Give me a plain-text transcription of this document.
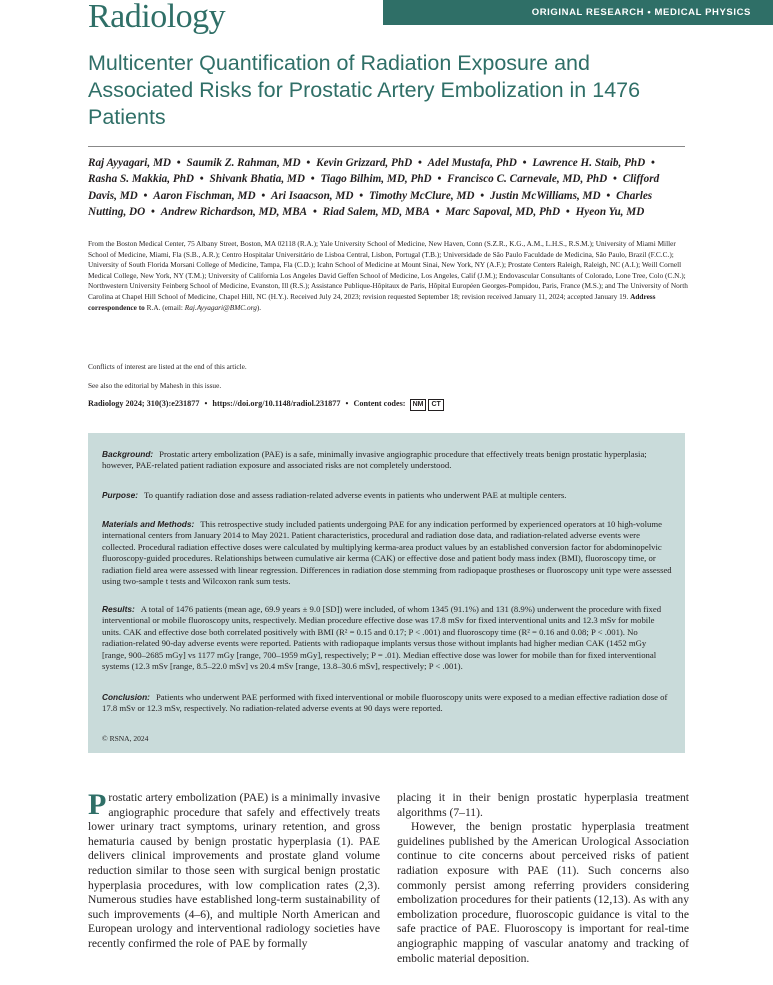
Radiology	ORIGINAL RESEARCH • MEDICAL PHYSICS
Multicenter Quantification of Radiation Exposure and Associated Risks for Prostatic Artery Embolization in 1476 Patients
Raj Ayyagari, MD • Saumik Z. Rahman, MD • Kevin Grizzard, PhD • Adel Mustafa, PhD • Lawrence H. Staib, PhD • Rasha S. Makkia, PhD • Shivank Bhatia, MD • Tiago Bilhim, MD, PhD • Francisco C. Carnevale, MD, PhD • Clifford Davis, MD • Aaron Fischman, MD • Ari Isaacson, MD • Timothy McClure, MD • Justin McWilliams, MD • Charles Nutting, DO • Andrew Richardson, MD, MBA • Riad Salem, MD, MBA • Marc Sapoval, MD, PhD • Hyeon Yu, MD
From the Boston Medical Center, 75 Albany Street, Boston, MA 02118 (R.A.); Yale University School of Medicine, New Haven, Conn (S.Z.R., K.G., A.M., L.H.S., R.S.M.); University of Miami Miller School of Medicine, Miami, Fla (S.B., A.R.); Centro Hospitalar Universitário de Lisboa Central, Lisbon, Portugal (T.B.); Universidade de São Paulo Faculdade de Medicina, São Paulo, Brazil (F.C.C.); University of South Florida Morsani College of Medicine, Tampa, Fla (C.D.); Icahn School of Medicine at Mount Sinai, New York, NY (A.F.); Prostate Centers Raleigh, Raleigh, NC (A.I.); Weill Cornell Medical College, New York, NY (T.M.); University of California Los Angeles David Geffen School of Medicine, Los Angeles, Calif (J.M.); Endovascular Consultants of Colorado, Lone Tree, Colo (C.N.); Northwestern University Feinberg School of Medicine, Evanston, Ill (R.S.); Assistance Publique-Hôpitaux de Paris, Hôpital Européen Georges-Pompidou, Paris, France (M.S.); and The University of North Carolina at Chapel Hill School of Medicine, Chapel Hill, NC (H.Y.). Received July 24, 2023; revision requested September 18; revision received January 11, 2024; accepted January 19. Address correspondence to R.A. (email: Raj.Ayyagari@BMC.org).
Conflicts of interest are listed at the end of this article.
See also the editorial by Mahesh in this issue.
Radiology 2024; 310(3):e231877 • https://doi.org/10.1148/radiol.231877 • Content codes: NM CT
Background: Prostatic artery embolization (PAE) is a safe, minimally invasive angiographic procedure that effectively treats benign prostatic hyperplasia; however, PAE-related patient radiation exposure and associated risks are not completely understood.
Purpose: To quantify radiation dose and assess radiation-related adverse events in patients who underwent PAE at multiple centers.
Materials and Methods: This retrospective study included patients undergoing PAE for any indication performed by experienced operators at 10 high-volume international centers from January 2014 to May 2021. Patient characteristics, procedural and radiation dose data, and radiation-related adverse events were collected. Procedural radiation effective doses were calculated by multiplying kerma-area product values by an established conversion factor for abdominopelvic fluoroscopy-guided procedures. Relationships between cumulative air kerma (CAK) or effective dose and patient body mass index (BMI), fluoroscopy time, or radiation field area were assessed with linear regression. Differences in radiation dose stemming from radiopaque prostheses or fluoroscopy unit type were assessed using two-sample t tests and Wilcoxon rank sum tests.
Results: A total of 1476 patients (mean age, 69.9 years ± 9.0 [SD]) were included, of whom 1345 (91.1%) and 131 (8.9%) underwent the procedure with fixed interventional or mobile fluoroscopy units, respectively. Median procedure effective dose was 17.8 mSv for fixed interventional units and 12.3 mSv for mobile units. CAK and effective dose both correlated positively with BMI (R² = 0.15 and 0.17; P < .001) and fluoroscopy time (R² = 0.16 and 0.08; P < .001). No radiation-related 90-day adverse events were reported. Patients with radiopaque implants versus those without implants had higher median CAK (1452 mGy [range, 900–2685 mGy] vs 1177 mGy [range, 700–1959 mGy], respectively; P = .01). Median effective dose was lower for mobile than for fixed interventional systems (12.3 mSv [range, 8.5–22.0 mSv] vs 20.4 mSv [range, 13.8–30.6 mSv], respectively; P < .001).
Conclusion: Patients who underwent PAE performed with fixed interventional or mobile fluoroscopy units were exposed to a median effective radiation dose of 17.8 mSv or 12.3 mSv, respectively. No radiation-related adverse events at 90 days were reported.
© RSNA, 2024

Prostatic artery embolization (PAE) is a minimally invasive angiographic procedure that safely and effectively treats lower urinary tract symptoms, urinary retention, and gross hematuria caused by benign prostatic hyperplasia (1). PAE delivers clinical improvements and prostate gland volume reduction similar to those seen with surgical benign prostatic hyperplasia procedures, with low complication rates (2,3). Numerous studies have established long-term sustainability of such improvements (4–6), and multiple North American and European urology and interventional radiology societies have recently confirmed the role of PAE by formally

placing it in their benign prostatic hyperplasia treatment algorithms (7–11).

However, the benign prostatic hyperplasia treatment guidelines published by the American Urological Association continue to cite concerns about perceived risks of patient radiation exposure with PAE (11). Such concerns also commonly persist among referring providers considering embolization procedures for their patients (12,13). As with any embolization procedure, fluoroscopic guidance is vital to the safe practice of PAE. Fluoroscopy is important for real-time angiographic mapping of vascular anatomy and tracking of embolic material deposition.
